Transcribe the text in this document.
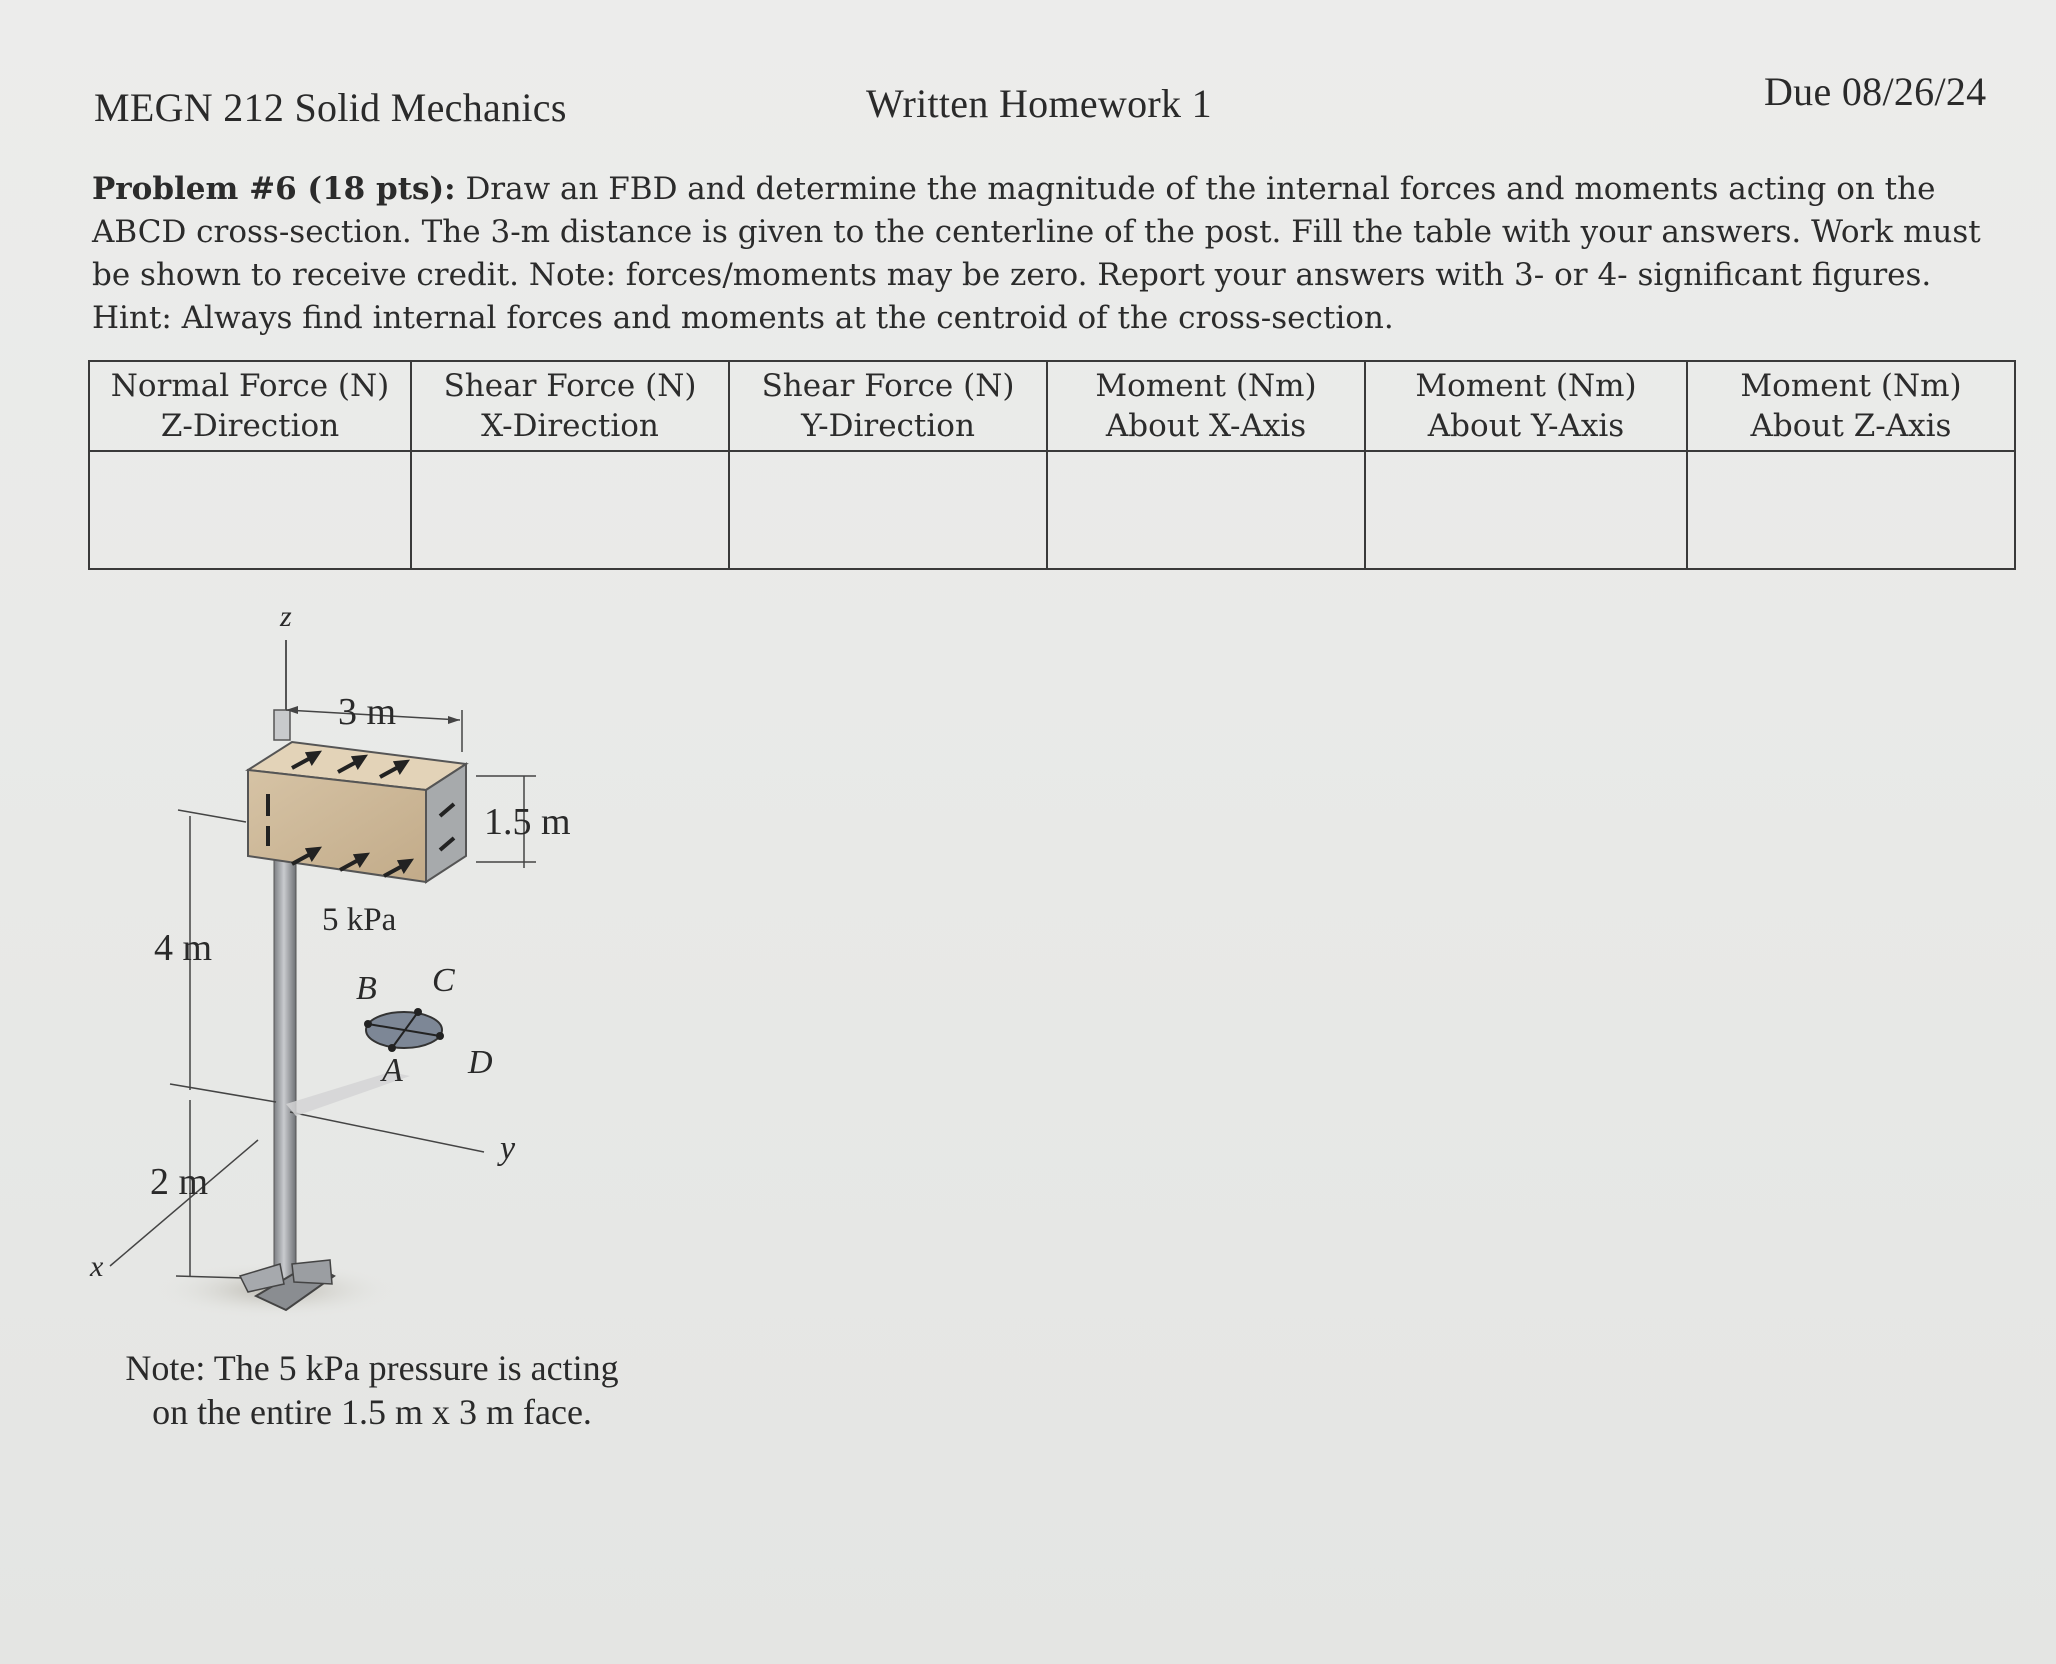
MEGN 212 Solid Mechanics	Written Homework 1	Due 08/26/24

Problem #6 (18 pts): Draw an FBD and determine the magnitude of the internal forces and moments acting on the ABCD cross-section. The 3-m distance is given to the centerline of the post. Fill the table with your answers. Work must be shown to receive credit. Note: forces/moments may be zero. Report your answers with 3- or 4- significant figures.

Hint: Always find internal forces and moments at the centroid of the cross-section.

Normal Force (N)
Z-Direction
Shear Force (N)
X-Direction
Shear Force (N)
Y-Direction
Moment (Nm)
About X-Axis
Moment (Nm)
About Y-Axis
Moment (Nm)
About Z-Axis
z
3 m
1.5 m
5 kPa
4 m
B C
D
A
y
2 m
x
Note: The 5 kPa pressure is acting
on the entire 1.5 m x 3 m face.
